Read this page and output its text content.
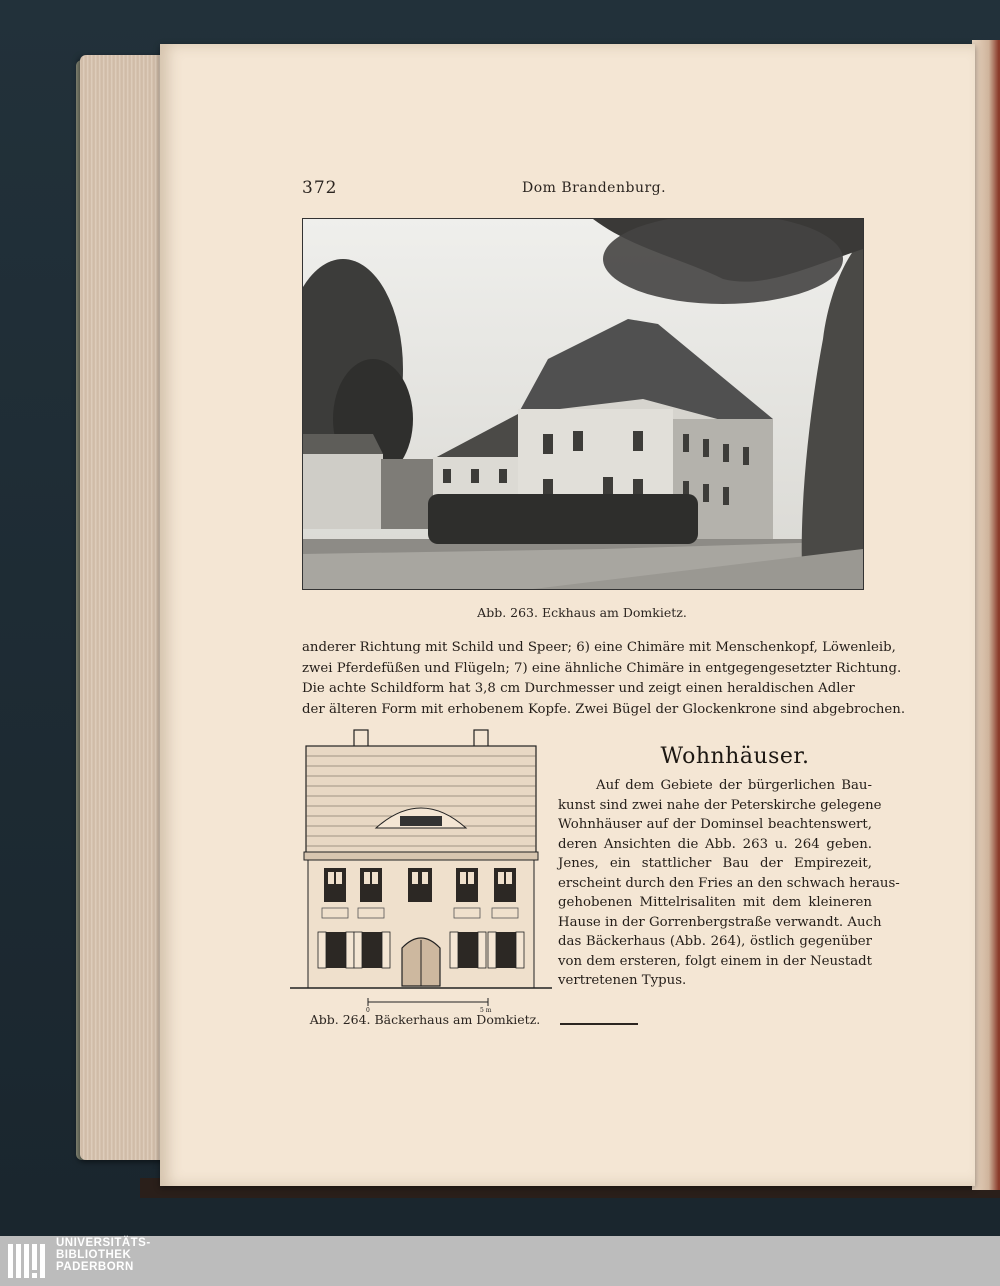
372	Dom Brandenburg.
Abb. 263. Eckhaus am Domkietz.
anderer Richtung mit Schild und Speer; 6) eine Chimäre mit Menschenkopf, Löwenleib,
zwei Pferdefüßen und Flügeln; 7) eine ähnliche Chimäre in entgegengesetzter Richtung.
Die achte Schildform hat 3,8 cm Durchmesser und zeigt einen heraldischen Adler
der älteren Form mit erhobenem Kopfe. Zwei Bügel der Glockenkrone sind abgebrochen.
0	5 m
Abb. 264. Bäckerhaus am Domkietz.
Wohnhäuser.
Auf dem Gebiete der bürgerlichen Bau-
kunst sind zwei nahe der Peterskirche gelegene
Wohnhäuser auf der Dominsel beachtenswert,
deren Ansichten die Abb. 263 u. 264 geben.
Jenes, ein stattlicher Bau der Empirezeit,
erscheint durch den Fries an den schwach heraus-
gehobenen Mittelrisaliten mit dem kleineren
Hause in der Gorrenbergstraße verwandt. Auch
das Bäckerhaus (Abb. 264), östlich gegenüber
von dem ersteren, folgt einem in der Neustadt
vertretenen Typus.
UNIVERSITÄTS-
BIBLIOTHEK
PADERBORN
